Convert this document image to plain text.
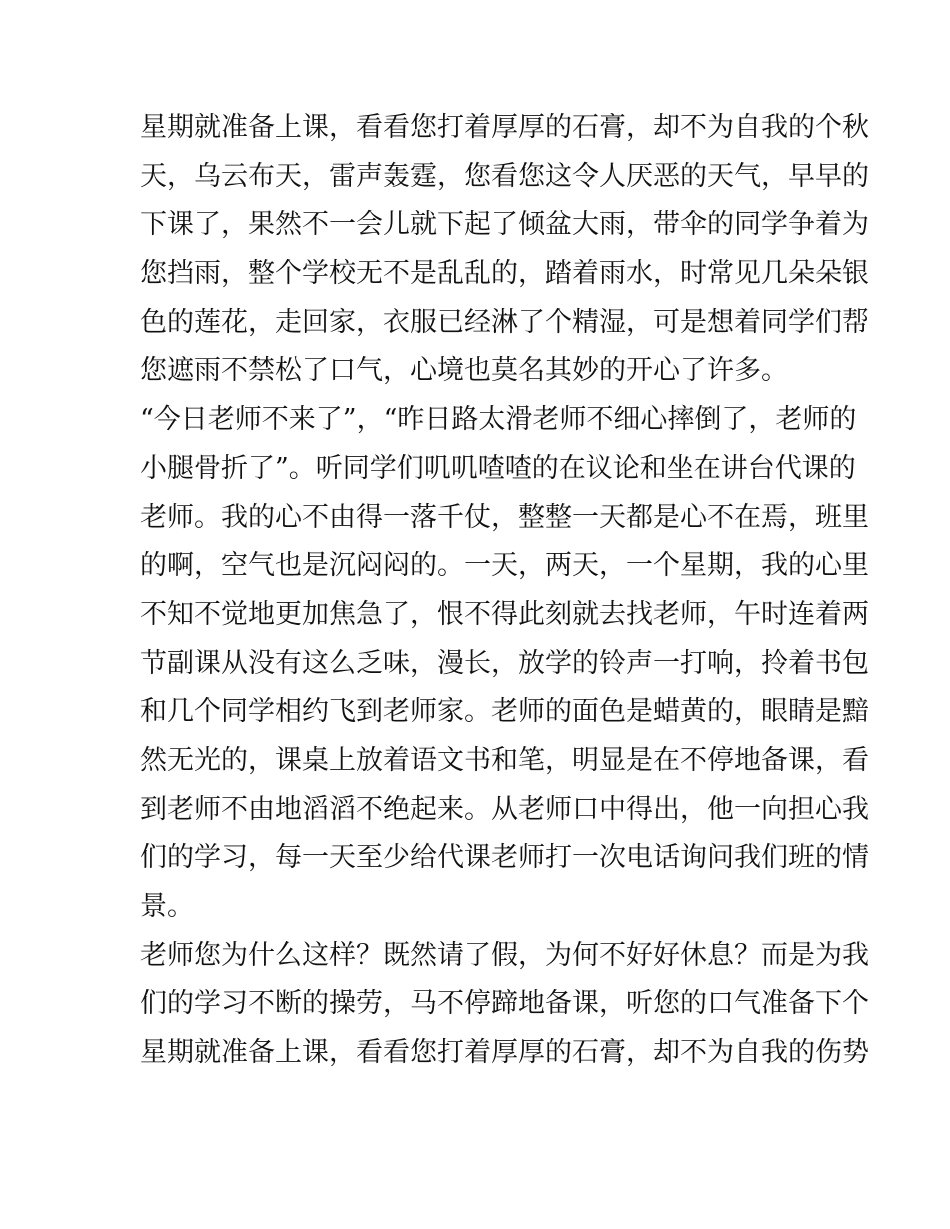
星期就准备上课，看看您打着厚厚的石膏，却不为自我的个秋
天，乌云布天，雷声轰霆，您看您这令人厌恶的天气，早早的
下课了，果然不一会儿就下起了倾盆大雨，带伞的同学争着为
您挡雨，整个学校无不是乱乱的，踏着雨水，时常见几朵朵银
色的莲花，走回家，衣服已经淋了个精湿，可是想着同学们帮
您遮雨不禁松了口气，心境也莫名其妙的开心了许多。
“今日老师不来了”，“昨日路太滑老师不细心摔倒了，老师的
小腿骨折了”。听同学们叽叽喳喳的在议论和坐在讲台代课的
老师。我的心不由得一落千仗，整整一天都是心不在焉，班里
的啊，空气也是沉闷闷的。一天，两天，一个星期，我的心里
不知不觉地更加焦急了，恨不得此刻就去找老师，午时连着两
节副课从没有这么乏味，漫长，放学的铃声一打响，拎着书包
和几个同学相约飞到老师家。老师的面色是蜡黄的，眼睛是黯
然无光的，课桌上放着语文书和笔，明显是在不停地备课，看
到老师不由地滔滔不绝起来。从老师口中得出，他一向担心我
们的学习，每一天至少给代课老师打一次电话询问我们班的情
景。
老师您为什么这样？既然请了假，为何不好好休息？而是为我
们的学习不断的操劳，马不停蹄地备课，听您的口气准备下个
星期就准备上课，看看您打着厚厚的石膏，却不为自我的伤势
